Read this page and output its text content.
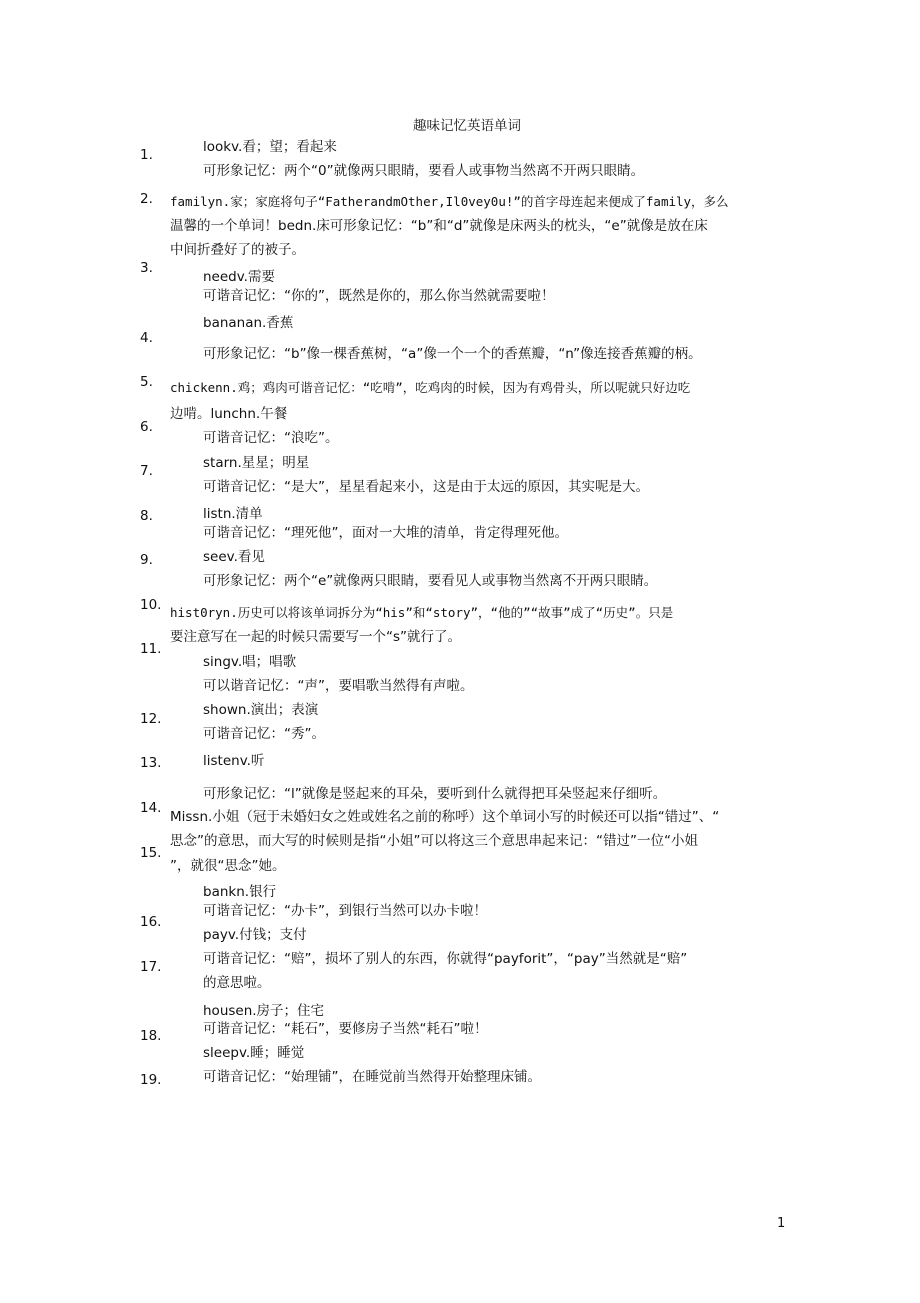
趣味记忆英语单词
1.
2.
3.
4.
5.
6.
7.
8.
9.
10.
11.
12.
13.
14.
15.
16.
17.
18.
19.
lookv.看；望；看起来
可形象记忆：两个“0”就像两只眼睛，要看人或事物当然离不开两只眼睛。
familyn.家；家庭将句子“FatherandmOther,Il0vey0u!”的首字母连起来便成了family，多么
温馨的一个单词！bedn.床可形象记忆：“b”和“d”就像是床两头的枕头，“e”就像是放在床
中间折叠好了的被子。
needv.需要
可谐音记忆：“你的”，既然是你的，那么你当然就需要啦！
bananan.香蕉
可形象记忆：“b”像一棵香蕉树，“a”像一个一个的香蕉瓣，“n”像连接香蕉瓣的柄。
chickenn.鸡；鸡肉可谐音记忆：“吃啃”，吃鸡肉的时候，因为有鸡骨头，所以呢就只好边吃
边啃。lunchn.午餐
可谐音记忆：“浪吃”。
starn.星星；明星
可谐音记忆：“是大”，星星看起来小，这是由于太远的原因，其实呢是大。
listn.清单
可谐音记忆：“理死他”，面对一大堆的清单，肯定得理死他。
seev.看见
可形象记忆：两个“e”就像两只眼睛，要看见人或事物当然离不开两只眼睛。
hist0ryn.历史可以将该单词拆分为“his”和“story”，“他的”“故事”成了“历史”。只是
要注意写在一起的时候只需要写一个“s”就行了。
singv.唱；唱歌
可以谐音记忆：“声”，要唱歌当然得有声啦。
shown.演出；表演
可谐音记忆：“秀”。
listenv.听
可形象记忆：“l”就像是竖起来的耳朵，要听到什么就得把耳朵竖起来仔细听。
Missn.小姐（冠于未婚妇女之姓或姓名之前的称呼）这个单词小写的时候还可以指“错过”、“
思念”的意思，而大写的时候则是指“小姐”可以将这三个意思串起来记：“错过”一位“小姐
”，就很“思念”她。
bankn.银行
可谐音记忆：“办卡”，到银行当然可以办卡啦！
payv.付钱；支付
可谐音记忆：“赔”，损坏了别人的东西，你就得“payforit”，“pay”当然就是“赔”
的意思啦。
housen.房子；住宅
可谐音记忆：“耗石”，要修房子当然“耗石”啦！
sleepv.睡；睡觉
可谐音记忆：“始理铺”，在睡觉前当然得开始整理床铺。
1
